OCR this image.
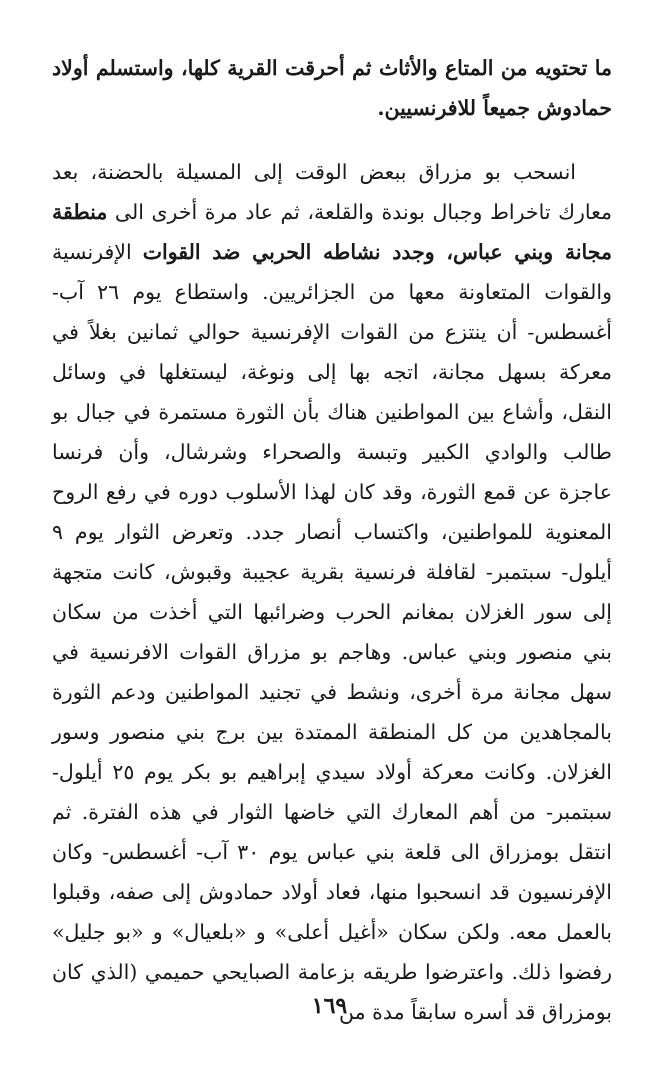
ما تحتويه من المتاع والأثاث ثم أحرقت القرية كلها، واستسلم أولاد حمادوش جميعاً للافرنسيين.

انسحب بو مزراق ببعض الوقت إلى المسيلة بالحضنة، بعد معارك تاخراط وجبال بوندة والقلعة، ثم عاد مرة أخرى الى منطقة مجانة وبني عباس، وجدد نشاطه الحربي ضد القوات الإفرنسية والقوات المتعاونة معها من الجزائريين. واستطاع يوم ٢٦ آب- أغسطس- أن ينتزع من القوات الإفرنسية حوالي ثمانين بغلاً في معركة بسهل مجانة، اتجه بها إلى ونوغة، ليستغلها في وسائل النقل، وأشاع بين المواطنين هناك بأن الثورة مستمرة في جبال بو طالب والوادي الكبير وتبسة والصحراء وشرشال، وأن فرنسا عاجزة عن قمع الثورة، وقد كان لهذا الأسلوب دوره في رفع الروح المعنوية للمواطنين، واكتساب أنصار جدد. وتعرض الثوار يوم ٩ أيلول- سبتمبر- لقافلة فرنسية بقرية عجيبة وقبوش، كانت متجهة إلى سور الغزلان بمغانم الحرب وضرائبها التي أخذت من سكان بني منصور وبني عباس. وهاجم بو مزراق القوات الافرنسية في سهل مجانة مرة أخرى، ونشط في تجنيد المواطنين ودعم الثورة بالمجاهدين من كل المنطقة الممتدة بين برج بني منصور وسور الغزلان. وكانت معركة أولاد سيدي إبراهيم بو بكر يوم ٢٥ أيلول- سبتمبر- من أهم المعارك التي خاضها الثوار في هذه الفترة. ثم انتقل بومزراق الى قلعة بني عباس يوم ٣٠ آب- أغسطس- وكان الإفرنسيون قد انسحبوا منها، فعاد أولاد حمادوش إلى صفه، وقبلوا بالعمل معه. ولكن سكان «أغيل أعلى» و «بلعيال» و «بو جليل» رفضوا ذلك. واعترضوا طريقه بزعامة الصبايحي حميمي (الذي كان بومزراق قد أسره سابقاً مدة من

١٦٩
